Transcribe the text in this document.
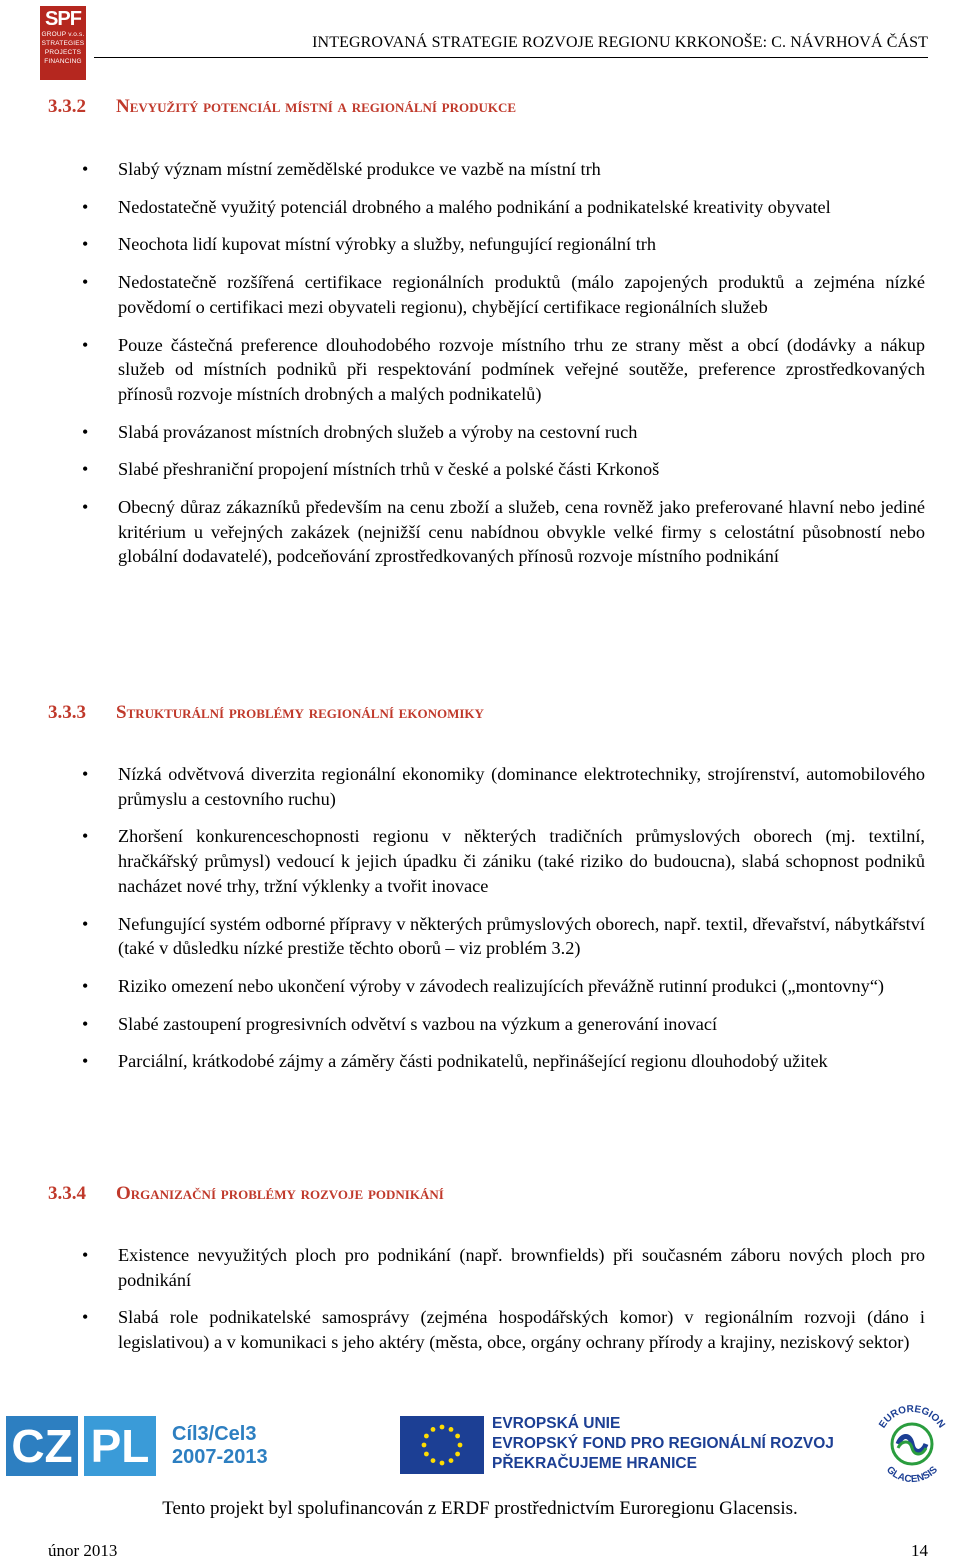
SPF
GROUP v.o.s.
STRATEGIES
PROJECTS
FINANCING
INTEGROVANÁ STRATEGIE ROZVOJE REGIONU KRKONOŠE: C. NÁVRHOVÁ ČÁST
3.3.2 Nevyužitý potenciál místní a regionální produkce
• Slabý význam místní zemědělské produkce ve vazbě na místní trh
• Nedostatečně využitý potenciál drobného a malého podnikání a podnikatelské kreativity obyvatel
• Neochota lidí kupovat místní výrobky a služby, nefungující regionální trh
• Nedostatečně rozšířená certifikace regionálních produktů (málo zapojených produktů a zejména nízké povědomí o certifikaci mezi obyvateli regionu), chybějící certifikace regionálních služeb
• Pouze částečná preference dlouhodobého rozvoje místního trhu ze strany měst a obcí (dodávky a nákup služeb od místních podniků při respektování podmínek veřejné soutěže, preference zprostředkovaných přínosů rozvoje místních drobných a malých podnikatelů)
• Slabá provázanost místních drobných služeb a výroby na cestovní ruch
• Slabé přeshraniční propojení místních trhů v české a polské části Krkonoš
• Obecný důraz zákazníků především na cenu zboží a služeb, cena rovněž jako preferované hlavní nebo jediné kritérium u veřejných zakázek (nejnižší cenu nabídnou obvykle velké firmy s celostátní působností nebo globální dodavatelé), podceňování zprostředkovaných přínosů rozvoje místního podnikání
3.3.3 Strukturální problémy regionální ekonomiky
• Nízká odvětvová diverzita regionální ekonomiky (dominance elektrotechniky, strojírenství, automobilového průmyslu a cestovního ruchu)
• Zhoršení konkurenceschopnosti regionu v některých tradičních průmyslových oborech (mj. textilní, hračkářský průmysl) vedoucí k jejich úpadku či zániku (také riziko do budoucna), slabá schopnost podniků nacházet nové trhy, tržní výklenky a tvořit inovace
• Nefungující systém odborné přípravy v některých průmyslových oborech, např. textil, dřevařství, nábytkářství (také v důsledku nízké prestiže těchto oborů – viz problém 3.2)
• Riziko omezení nebo ukončení výroby v závodech realizujících převážně rutinní produkci („montovny“)
• Slabé zastoupení progresivních odvětví s vazbou na výzkum a generování inovací
• Parciální, krátkodobé zájmy a záměry části podnikatelů, nepřinášející regionu dlouhodobý užitek
3.3.4 Organizační problémy rozvoje podnikání
• Existence nevyužitých ploch pro podnikání (např. brownfields) při současném záboru nových ploch pro podnikání
• Slabá role podnikatelské samosprávy (zejména hospodářských komor) v regionálním rozvoji (dáno i legislativou) a v komunikaci s jeho aktéry (města, obce, orgány ochrany přírody a krajiny, neziskový sektor)
CZ PL	Cíl3/Cel3
2007-2013
EVROPSKÁ UNIE
EVROPSKÝ FOND PRO REGIONÁLNÍ ROZVOJ
PŘEKRAČUJEME HRANICE
EUROREGION
GLACENSIS
Tento projekt byl spolufinancován z ERDF prostřednictvím Euroregionu Glacensis.
únor 2013	14
